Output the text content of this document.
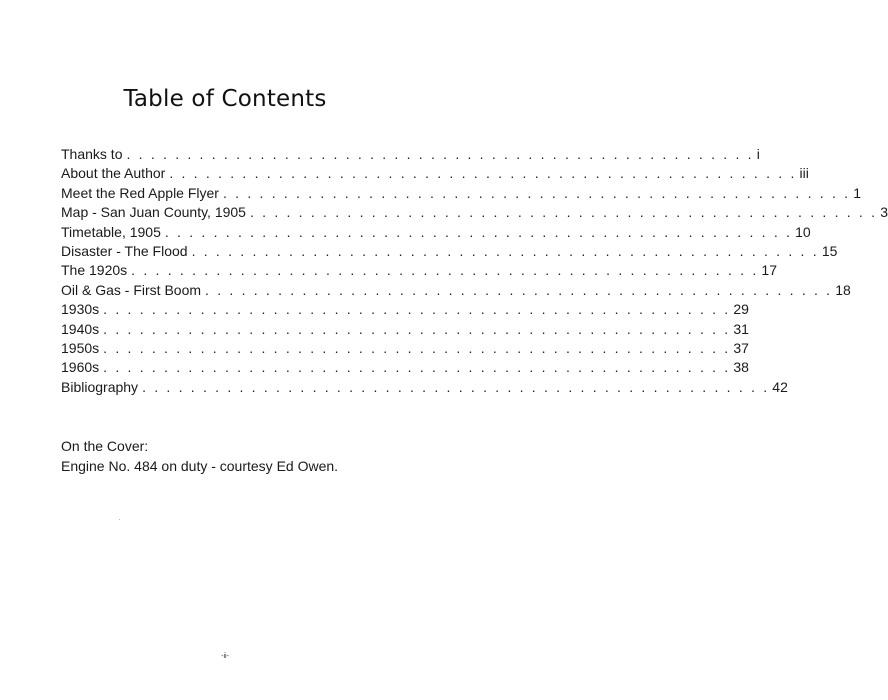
Table of Contents
Thanks to . . . . . . . . . . . . . . . . . . . . . . . . . . . . . . . . . . . . . . . . . . . . . . . . . . . . i
About the Author . . . . . . . . . . . . . . . . . . . . . . . . . . . . . . . . . . . . . . . . . . . . . . . . . . . . iii
Meet the Red Apple Flyer . . . . . . . . . . . . . . . . . . . . . . . . . . . . . . . . . . . . . . . . . . . . . . . . . . . . 1
Map - San Juan County, 1905 . . . . . . . . . . . . . . . . . . . . . . . . . . . . . . . . . . . . . . . . . . . . . . . . . . . . 3
Timetable, 1905 . . . . . . . . . . . . . . . . . . . . . . . . . . . . . . . . . . . . . . . . . . . . . . . . . . . . 10
Disaster - The Flood . . . . . . . . . . . . . . . . . . . . . . . . . . . . . . . . . . . . . . . . . . . . . . . . . . . . 15
The 1920s . . . . . . . . . . . . . . . . . . . . . . . . . . . . . . . . . . . . . . . . . . . . . . . . . . . . 17
Oil & Gas - First Boom . . . . . . . . . . . . . . . . . . . . . . . . . . . . . . . . . . . . . . . . . . . . . . . . . . . . 18
1930s . . . . . . . . . . . . . . . . . . . . . . . . . . . . . . . . . . . . . . . . . . . . . . . . . . . . 29
1940s . . . . . . . . . . . . . . . . . . . . . . . . . . . . . . . . . . . . . . . . . . . . . . . . . . . . 31
1950s . . . . . . . . . . . . . . . . . . . . . . . . . . . . . . . . . . . . . . . . . . . . . . . . . . . . 37
1960s . . . . . . . . . . . . . . . . . . . . . . . . . . . . . . . . . . . . . . . . . . . . . . . . . . . . 38
Bibliography . . . . . . . . . . . . . . . . . . . . . . . . . . . . . . . . . . . . . . . . . . . . . . . . . . . . 42
On the Cover:
Engine No. 484 on duty - courtesy Ed Owen.
-ii-
